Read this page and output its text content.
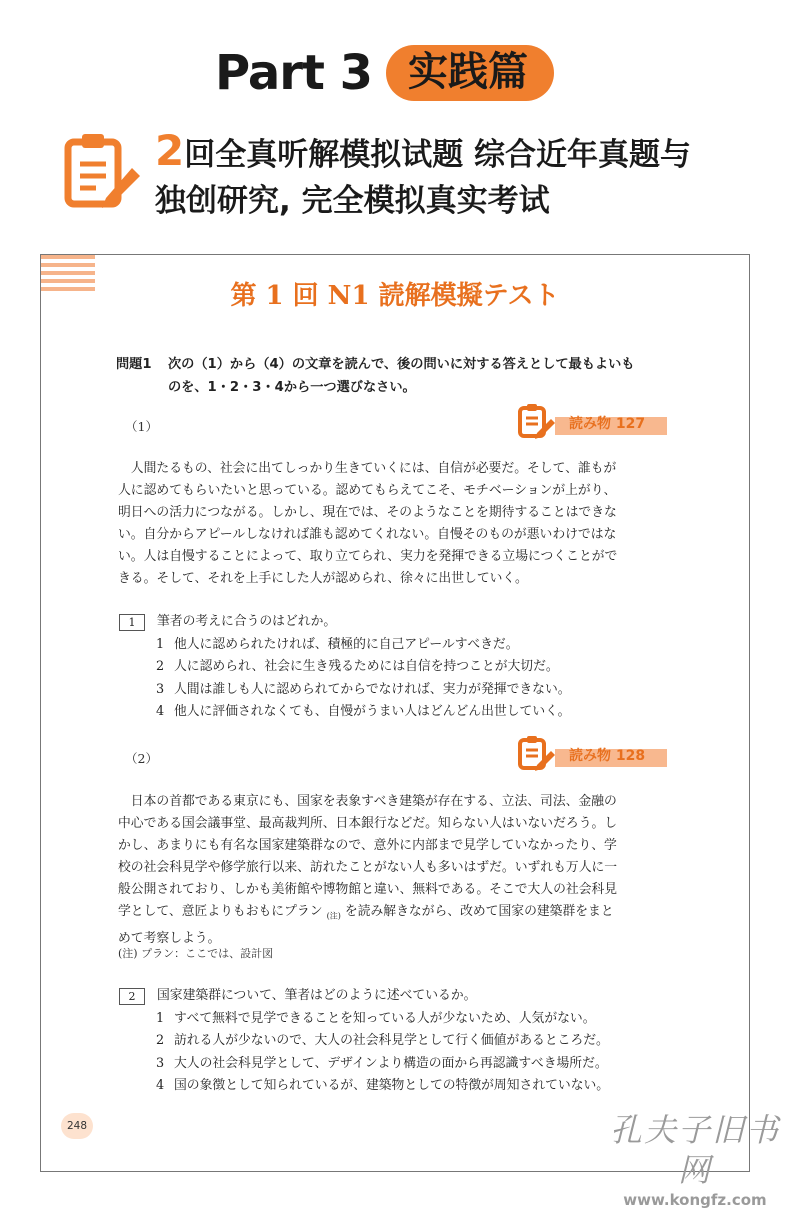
Part 3 实践篇
2回全真听解模拟试题 综合近年真题与
独创研究, 完全模拟真实考试
第 1 回 N1 読解模擬テスト
問題1 次の（1）から（4）の文章を読んで、後の問いに対する答えとして最もよいも
のを、1・2・3・4から一つ選びなさい。
（1）	読み物 127
人間たるもの、社会に出てしっかり生きていくには、自信が必要だ。そして、誰もが
人に認めてもらいたいと思っている。認めてもらえてこそ、モチベーションが上がり、
明日への活力につながる。しかし、現在では、そのようなことを期待することはできな
い。自分からアピールしなければ誰も認めてくれない。自慢そのものが悪いわけではな
い。人は自慢することによって、取り立てられ、実力を発揮できる立場につくことがで
きる。そして、それを上手にした人が認められ、徐々に出世していく。
1	筆者の考えに合うのはどれか。
1 他人に認められたければ、積極的に自己アピールすべきだ。
2 人に認められ、社会に生き残るためには自信を持つことが大切だ。
3 人間は誰しも人に認められてからでなければ、実力が発揮できない。
4 他人に評価されなくても、自慢がうまい人はどんどん出世していく。
（2）	読み物 128
日本の首都である東京にも、国家を表象すべき建築が存在する、立法、司法、金融の
中心である国会議事堂、最高裁判所、日本銀行などだ。知らない人はいないだろう。し
かし、あまりにも有名な国家建築群なので、意外に内部まで見学していなかったり、学
校の社会科見学や修学旅行以来、訪れたことがない人も多いはずだ。いずれも万人に一
般公開されており、しかも美術館や博物館と違い、無料である。そこで大人の社会科見
学として、意匠よりもおもにプラン $_{(注)}$ を読み解きながら、改めて国家の建築群をまと
めて考察しよう。
(注) プラン：ここでは、設計図
2	国家建築群について、筆者はどのように述べているか。
1 すべて無料で見学できることを知っている人が少ないため、人気がない。
2 訪れる人が少ないので、大人の社会科見学として行く価値があるところだ。
3 大人の社会科見学として、デザインより構造の面から再認識すべき場所だ。
4 国の象徴として知られているが、建築物としての特徴が周知されていない。
248	孔夫子旧书网
www.kongfz.com
